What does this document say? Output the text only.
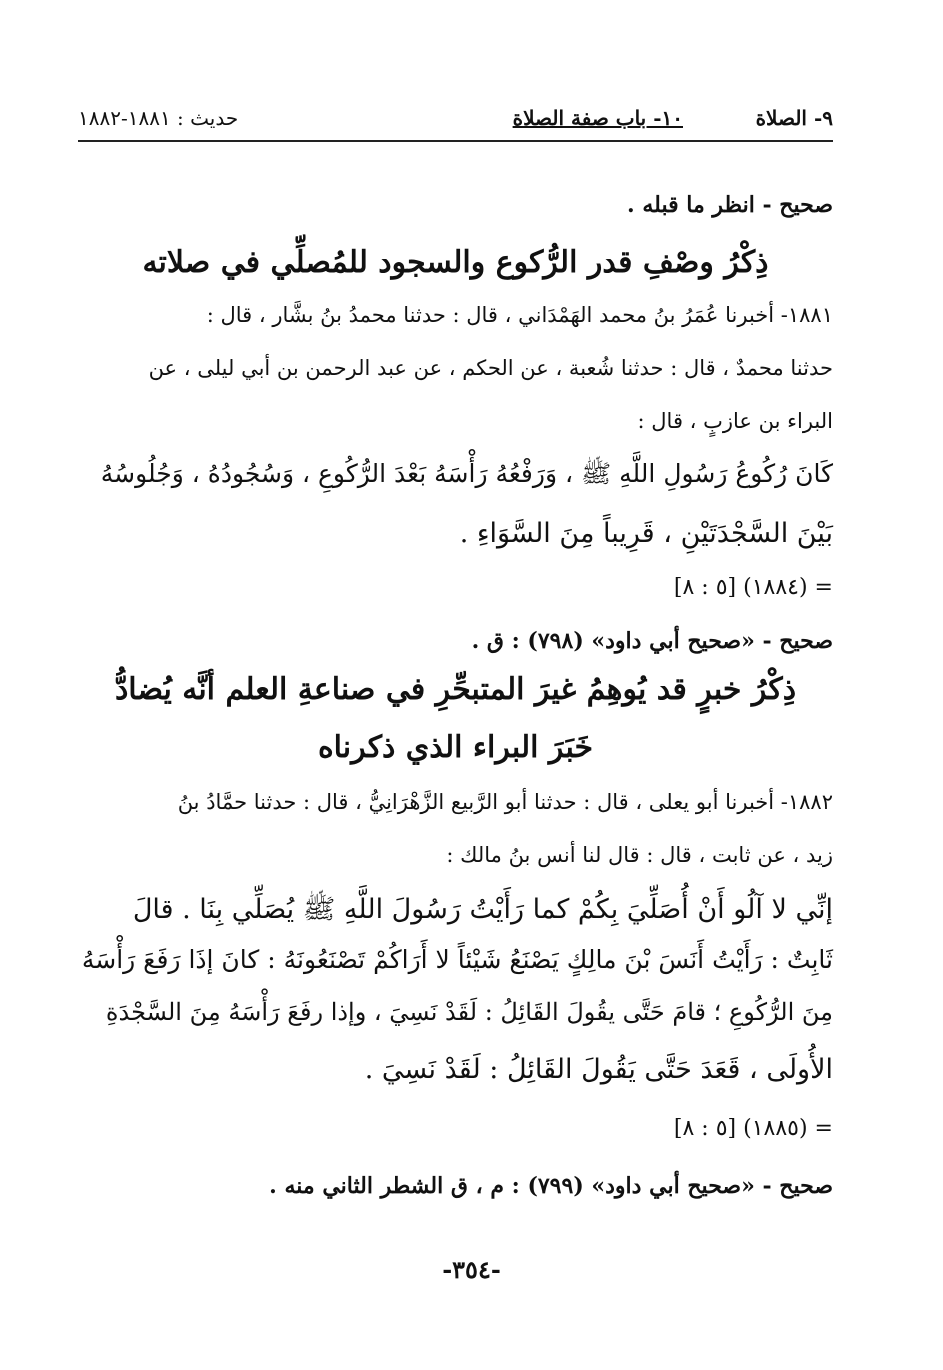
٩- الصلاة
١٠- باب صفة الصلاة
حديث : ١٨٨١-١٨٨٢
صحيح - انظر ما قبله .
ذِكْرُ وصْفِ قدر الرُّكوع والسجود للمُصلِّي في صلاته
١٨٨١- أخبرنا عُمَرُ بنُ محمد الهَمْدَاني ، قال : حدثنا محمدُ بنُ بشَّار ، قال :
حدثنا محمدٌ ، قال : حدثنا شُعبة ، عن الحكم ، عن عبد الرحمن بن أبي ليلى ، عن
البراء بن عازبٍ ، قال :
كَانَ رُكُوعُ رَسُولِ اللَّهِ ﷺ ، وَرَفْعُهُ رَأْسَهُ بَعْدَ الرُّكُوعِ ، وَسُجُودُهُ ، وَجُلُوسُهُ
بَيْنَ السَّجْدَتَيْنِ ، قَرِيباً مِنَ السَّوَاءِ .
= (١٨٨٤) [٥ : ٨]
صحيح - «صحيح أبي داود» (٧٩٨) : ق .
ذِكْرُ خبرٍ قد يُوهِمُ غيرَ المتبحِّرِ في صناعةِ العلم أنَّه يُضادُّ
خَبَرَ البراء الذي ذكرناه
١٨٨٢- أخبرنا أبو يعلى ، قال : حدثنا أبو الرَّبيع الزَّهْرَانِيُّ ، قال : حدثنا حمَّادُ بنُ
زيد ، عن ثابت ، قال : قال لنا أنس بنُ مالك :
إنِّي لا آلُو أَنْ أُصَلِّيَ بِكُمْ كما رَأَيْتُ رَسُولَ اللَّهِ ﷺ يُصَلِّي بِنَا . قالَ
ثَابِتٌ : رَأَيْتُ أَنَسَ بْنَ مالِكٍ يَصْنَعُ شَيْئاً لا أَرَاكُمْ تَصْنَعُونَهُ : كانَ إذَا رَفَعَ رَأْسَهُ
مِنَ الرُّكُوعِ ؛ قامَ حَتَّى يقُولَ القَائِلُ : لَقَدْ نَسِيَ ، وإذا رفَعَ رَأْسَهُ مِنَ السَّجْدَةِ
الأُولَى ، قَعَدَ حَتَّى يَقُولَ القَائِلُ : لَقَدْ نَسِيَ .
= (١٨٨٥) [٥ : ٨]
صحيح - «صحيح أبي داود» (٧٩٩) : م ، ق الشطر الثاني منه .
-٣٥٤-
